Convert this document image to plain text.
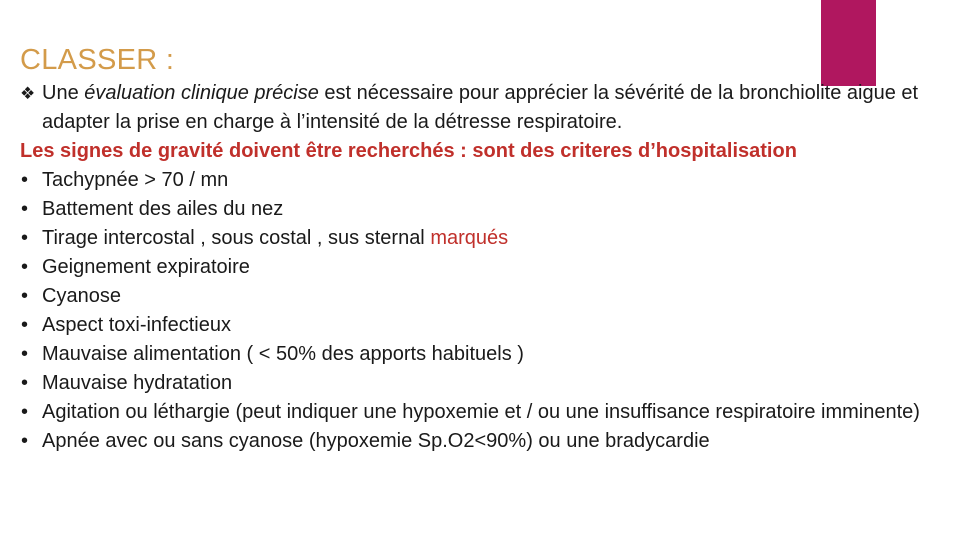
CLASSER :

❖ Une évaluation clinique précise est nécessaire pour apprécier la sévérité de la bronchiolite aigue et adapter la prise en charge à l’intensité de la détresse respiratoire.

Les signes de gravité doivent être recherchés : sont des criteres d’hospitalisation

• Tachypnée > 70 / mn
• Battement des ailes du nez
• Tirage intercostal , sous costal , sus sternal marqués
• Geignement expiratoire
• Cyanose
• Aspect toxi-infectieux
• Mauvaise alimentation ( < 50% des apports habituels )
• Mauvaise hydratation
• Agitation ou léthargie (peut indiquer une hypoxemie et / ou une insuffisance respiratoire imminente)
• Apnée avec ou sans cyanose (hypoxemie Sp.O2<90%) ou une bradycardie
